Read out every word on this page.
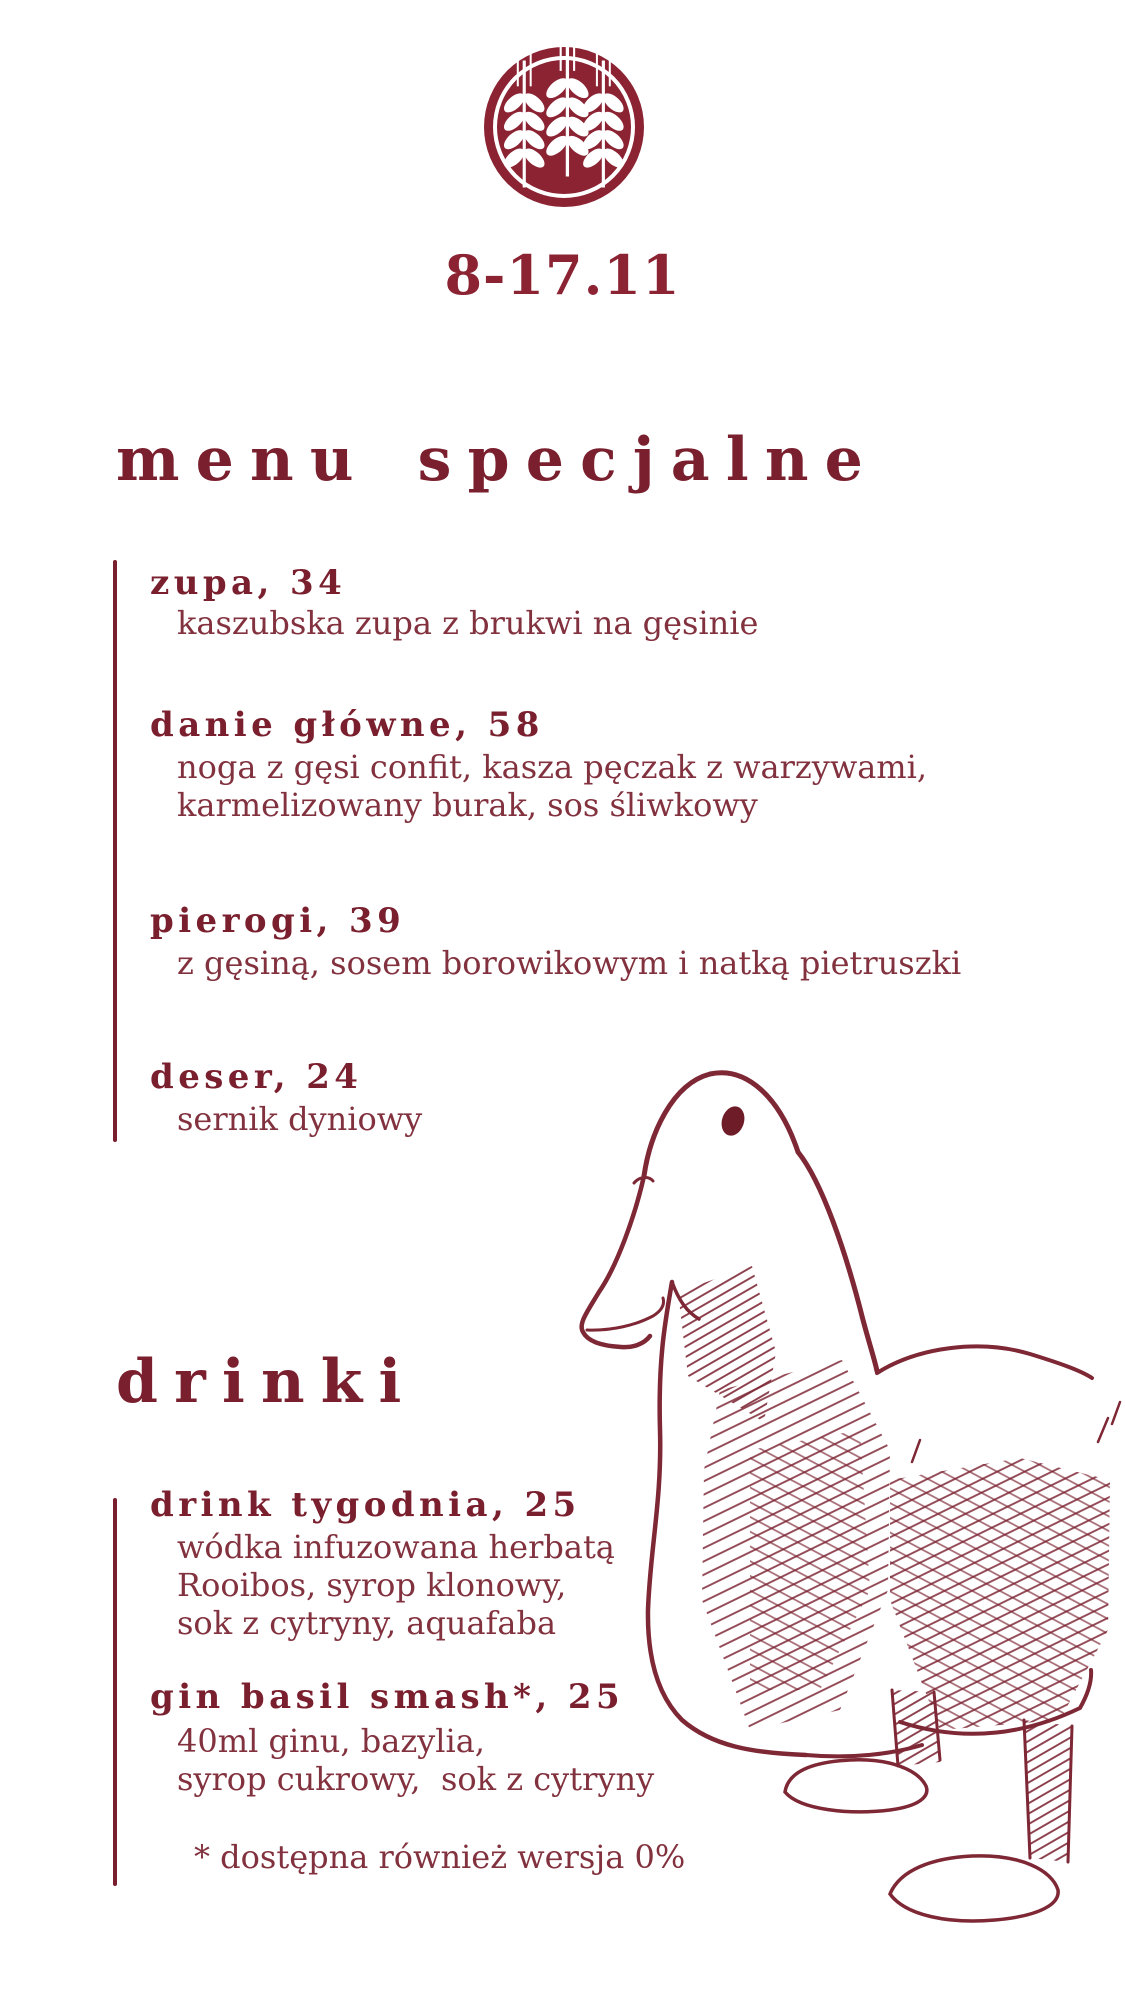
8-17.11
menu specjalne
zupa, 34
kaszubska zupa z brukwi na gęsinie
danie główne, 58
noga z gęsi confit, kasza pęczak z warzywami,
karmelizowany burak, sos śliwkowy
pierogi, 39
z gęsiną, sosem borowikowym i natką pietruszki
deser, 24
sernik dyniowy
drinki
drink tygodnia, 25
wódka infuzowana herbatą
Rooibos, syrop klonowy,
sok z cytryny, aquafaba
gin basil smash*, 25
40ml ginu, bazylia,
syrop cukrowy,  sok z cytryny
* dostępna również wersja 0%
